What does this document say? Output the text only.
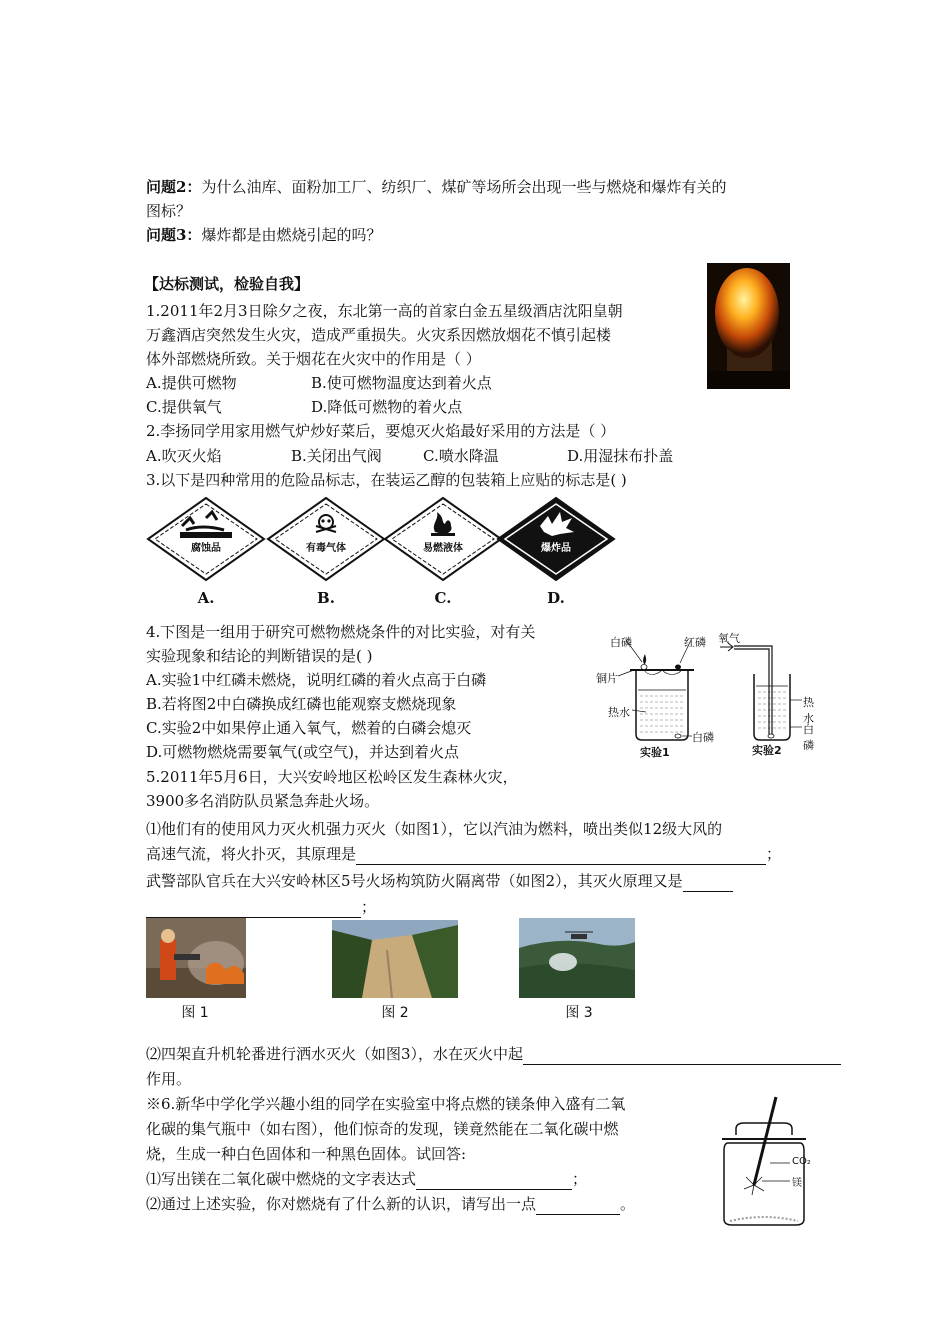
问题2：为什么油库、面粉加工厂、纺织厂、煤矿等场所会出现一些与燃烧和爆炸有关的
图标？
问题3：爆炸都是由燃烧引起的吗？
【达标测试，检验自我】
1.2011年2月3日除夕之夜，东北第一高的首家白金五星级酒店沈阳皇朝
万鑫酒店突然发生火灾，造成严重损失。火灾系因燃放烟花不慎引起楼
体外部燃烧所致。关于烟花在火灾中的作用是（ ）
A.提供可燃物	B.使可燃物温度达到着火点
C.提供氧气	D.降低可燃物的着火点
2.李扬同学用家用燃气炉炒好菜后，要熄灭火焰最好采用的方法是（ ）
A.吹灭火焰	B.关闭出气阀	C.喷水降温	D.用湿抹布扑盖
3.以下是四种常用的危险品标志，在装运乙醇的包装箱上应贴的标志是( )
腐蚀品
A.
有毒气体
B.
易燃液体
C.
爆炸品
D.
4.下图是一组用于研究可燃物燃烧条件的对比实验，对有关
实验现象和结论的判断错误的是( )
A.实验1中红磷未燃烧，说明红磷的着火点高于白磷
B.若将图2中白磷换成红磷也能观察支燃烧现象
C.实验2中如果停止通入氧气，燃着的白磷会熄灭
D.可燃物燃烧需要氧气(或空气)，并达到着火点
白磷	红磷
铜片
热水
白磷
氧气
热水
白磷
实验1	实验2
5.2011年5月6日，大兴安岭地区松岭区发生森林火灾，
3900多名消防队员紧急奔赴火场。
⑴他们有的使用风力灭火机强力灭火（如图1），它以汽油为燃料，喷出类似12级大风的
高速气流，将火扑灭，其原理是	；
武警部队官兵在大兴安岭林区5号火场构筑防火隔离带（如图2），其灭火原理又是
；
图 1	图 2	图 3
⑵四架直升机轮番进行洒水灭火（如图3），水在灭火中起
作用。
※6.新华中学化学兴趣小组的同学在实验室中将点燃的镁条伸入盛有二氧
化碳的集气瓶中（如右图），他们惊奇的发现，镁竟然能在二氧化碳中燃
烧，生成一种白色固体和一种黑色固体。试回答:
⑴写出镁在二氧化碳中燃烧的文字表达式	；
⑵通过上述实验，你对燃烧有了什么新的认识，请写出一点	。
CO₂
镁
